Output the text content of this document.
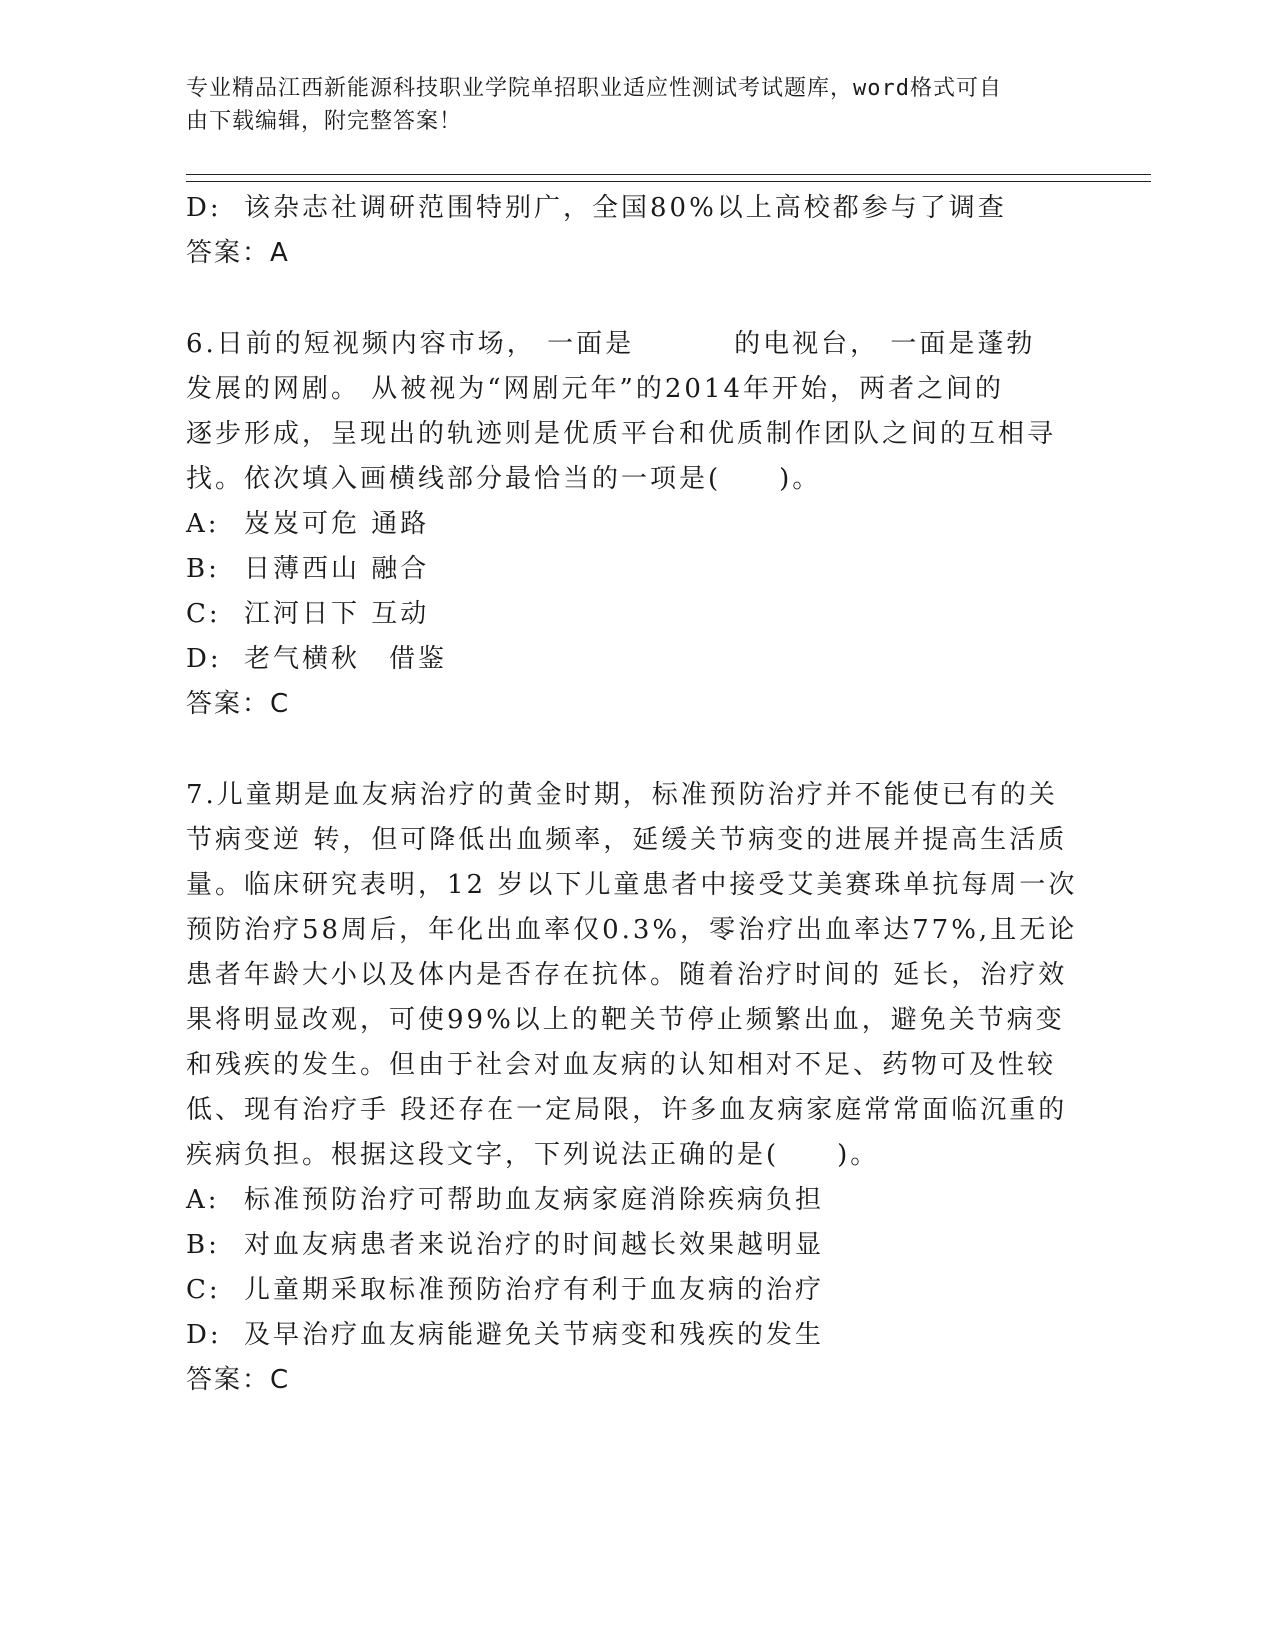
专业精品江西新能源科技职业学院单招职业适应性测试考试题库，word格式可自
由下载编辑，附完整答案！
D: 该杂志社调研范围特别广，全国80%以上高校都参与了调查
答案：A
6.日前的短视频内容市场， 一面是	的电视台， 一面是蓬勃
发展的网剧。 从被视为“网剧元年”的2014年开始，两者之间的
逐步形成，呈现出的轨迹则是优质平台和优质制作团队之间的互相寻
找。依次填入画横线部分最恰当的一项是(　　)。
A: 岌岌可危 通路
B: 日薄西山 融合
C: 江河日下 互动
D: 老气横秋　借鉴
答案：C
7.儿童期是血友病治疗的黄金时期，标准预防治疗并不能使已有的关
节病变逆 转，但可降低出血频率，延缓关节病变的进展并提高生活质
量。临床研究表明，12 岁以下儿童患者中接受艾美赛珠单抗每周一次
预防治疗58周后，年化出血率仅0.3%，零治疗出血率达77%,且无论
患者年龄大小以及体内是否存在抗体。随着治疗时间的 延长，治疗效
果将明显改观，可使99%以上的靶关节停止频繁出血，避免关节病变
和残疾的发生。但由于社会对血友病的认知相对不足、药物可及性较
低、现有治疗手 段还存在一定局限，许多血友病家庭常常面临沉重的
疾病负担。根据这段文字，下列说法正确的是(　　)。
A: 标准预防治疗可帮助血友病家庭消除疾病负担
B: 对血友病患者来说治疗的时间越长效果越明显
C: 儿童期采取标准预防治疗有利于血友病的治疗
D: 及早治疗血友病能避免关节病变和残疾的发生
答案：C
